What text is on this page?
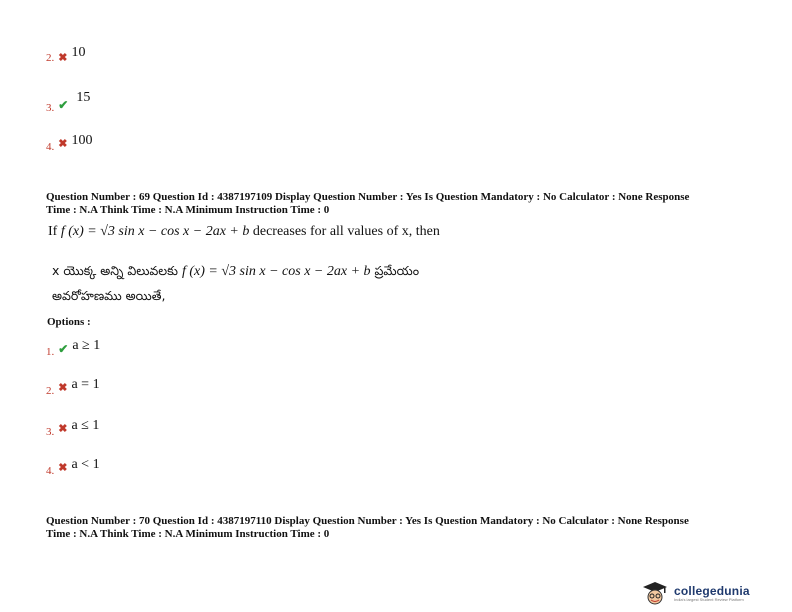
2. ✖ 10
$_{3.}$ $_✔$ 15
$_{4.}$ ✖ 100
Question Number : 69 Question Id : 4387197109 Display Question Number : Yes Is Question Mandatory : No Calculator : None Response
Time : N.A Think Time : N.A Minimum Instruction Time : 0
If f (x) = √3 sin x − cos x − 2ax + b decreases for all values of x, then
x యొక్క అన్ని విలువలకు f (x) = √3 sin x − cos x − 2ax + b ప్రమేయం
అవరోహణము అయితే,
Options :
$_{1.}$ $_✔$ a ≥ 1
$_{2.}$ ✖ a = 1
$_{3.}$ ✖ a ≤ 1
$_{4.}$ ✖ a < 1
Question Number : 70 Question Id : 4387197110 Display Question Number : Yes Is Question Mandatory : No Calculator : None Response
Time : N.A Think Time : N.A Minimum Instruction Time : 0
collegedunia
India's largest Student Review Platform
